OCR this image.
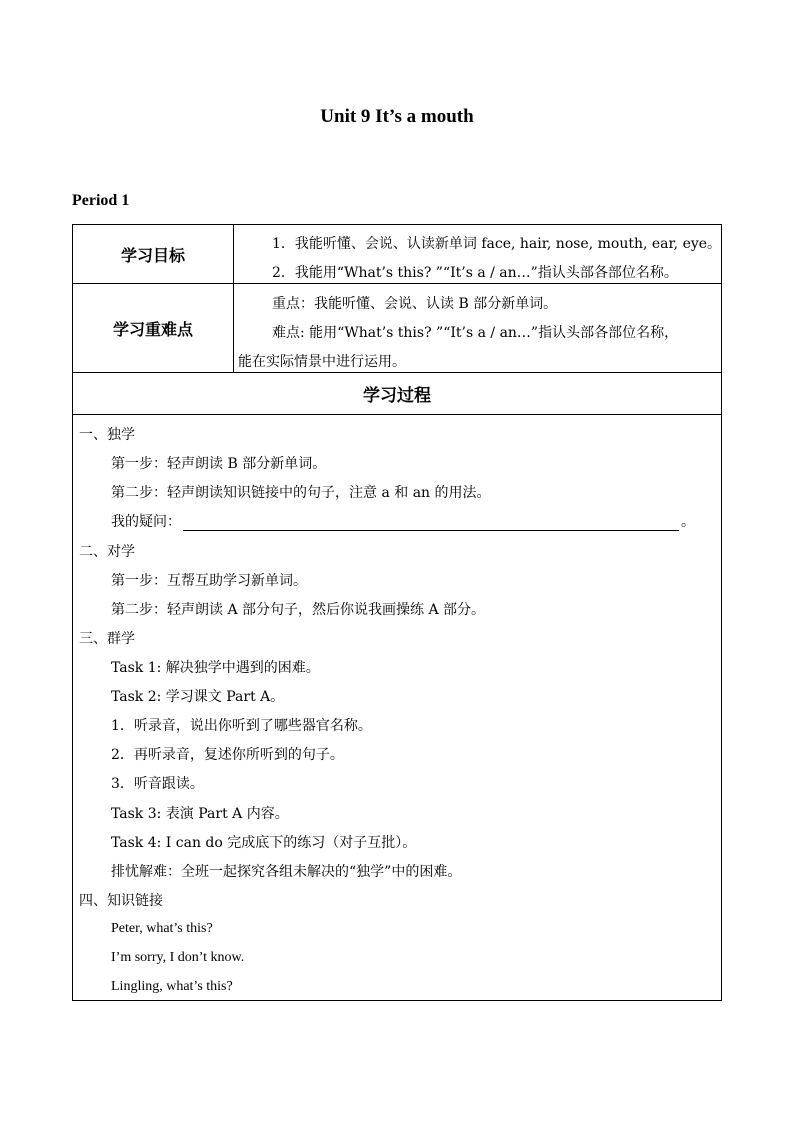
Unit 9 It’s a mouth
Period 1
学习目标
1．我能听懂、会说、认读新单词 face, hair, nose, mouth, ear, eye。
2．我能用“What’s this? ”“It’s a / an…”指认头部各部位名称。
学习重难点
重点：我能听懂、会说、认读 B 部分新单词。
难点: 能用“What’s this? ”“It’s a / an…”指认头部各部位名称，
能在实际情景中进行运用。
学习过程
一、独学
第一步：轻声朗读 B 部分新单词。
第二步：轻声朗读知识链接中的句子，注意 a 和 an 的用法。
我的疑问：	。
二、对学
第一步：互帮互助学习新单词。
第二步：轻声朗读 A 部分句子，然后你说我画操练 A 部分。
三、群学
Task 1: 解决独学中遇到的困难。
Task 2: 学习课文 Part A。
1．听录音，说出你听到了哪些器官名称。
2．再听录音，复述你所听到的句子。
3．听音跟读。
Task 3: 表演 Part A 内容。
Task 4: I can do 完成底下的练习（对子互批）。
排忧解难：全班一起探究各组未解决的“独学”中的困难。
四、知识链接
Peter, what’s this?
I’m sorry, I don’t know.
Lingling, what’s this?
